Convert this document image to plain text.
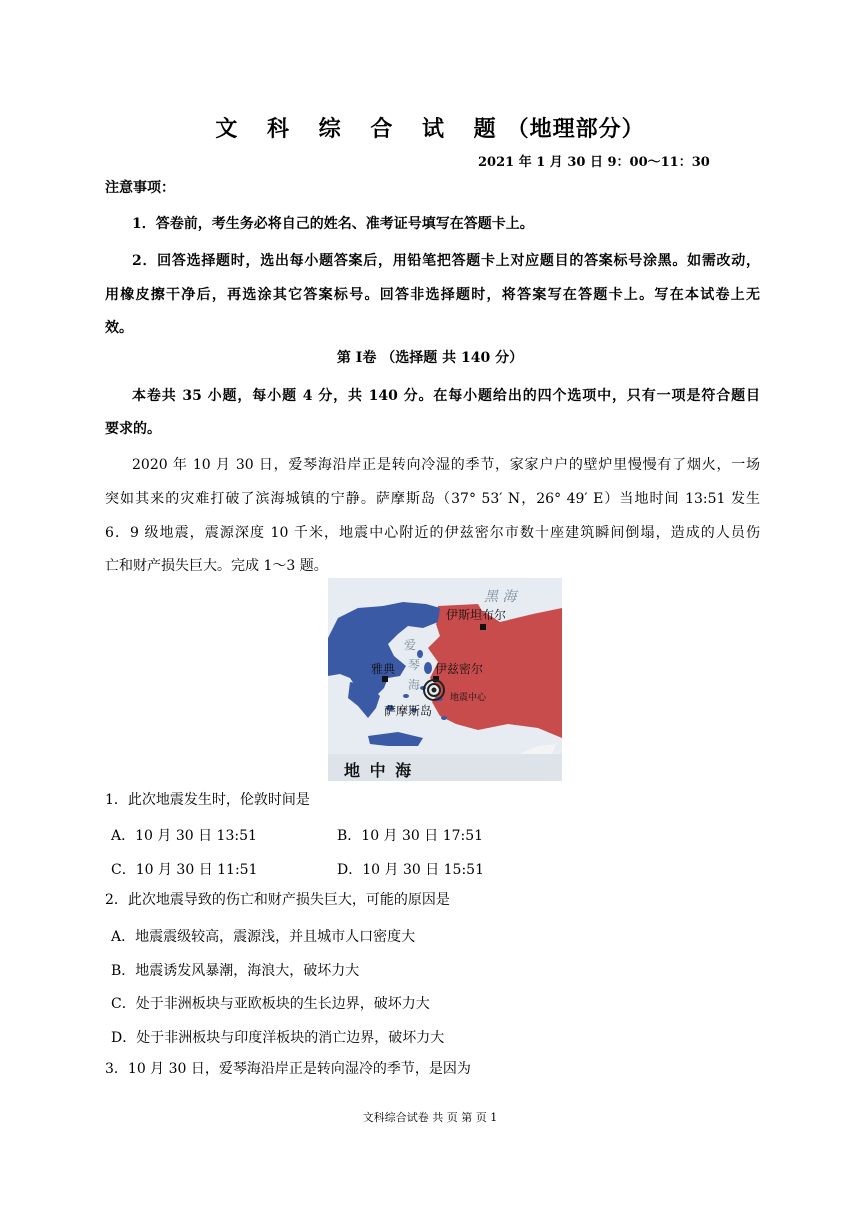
文 科 综 合 试 题（地理部分）
2021 年 1 月 30 日 9：00～11：30
注意事项：
1．答卷前，考生务必将自己的姓名、准考证号填写在答题卡上。
2．回答选择题时，选出每小题答案后，用铅笔把答题卡上对应题目的答案标号涂黑。如需改动，
用橡皮擦干净后，再选涂其它答案标号。回答非选择题时，将答案写在答题卡上。写在本试卷上无
效。
第 Ⅰ卷 （选择题 共 140 分）
本卷共 35 小题，每小题 4 分，共 140 分。在每小题给出的四个选项中，只有一项是符合题目
要求的。
2020 年 10 月 30 日，爱琴海沿岸正是转向冷湿的季节，家家户户的壁炉里慢慢有了烟火，一场
突如其来的灾难打破了滨海城镇的宁静。萨摩斯岛（37° 53′ N，26° 49′ E）当地时间 13:51 发生
6．9 级地震，震源深度 10 千米，地震中心附近的伊兹密尔市数十座建筑瞬间倒塌，造成的人员伤
亡和财产损失巨大。完成 1～3 题。
黑 海
伊斯坦布尔
爱
琴
海
雅典	伊兹密尔
地震中心
萨摩斯岛
地 中 海
1．此次地震发生时，伦敦时间是
A．10 月 30 日 13:51	B．10 月 30 日 17:51
C．10 月 30 日 11:51	D．10 月 30 日 15:51
2．此次地震导致的伤亡和财产损失巨大，可能的原因是
A．地震震级较高，震源浅，并且城市人口密度大
B．地震诱发风暴潮，海浪大，破坏力大
C．处于非洲板块与亚欧板块的生长边界，破坏力大
D．处于非洲板块与印度洋板块的消亡边界，破坏力大
3．10 月 30 日，爱琴海沿岸正是转向湿冷的季节，是因为
文科综合试卷 共 页 第 页 1
